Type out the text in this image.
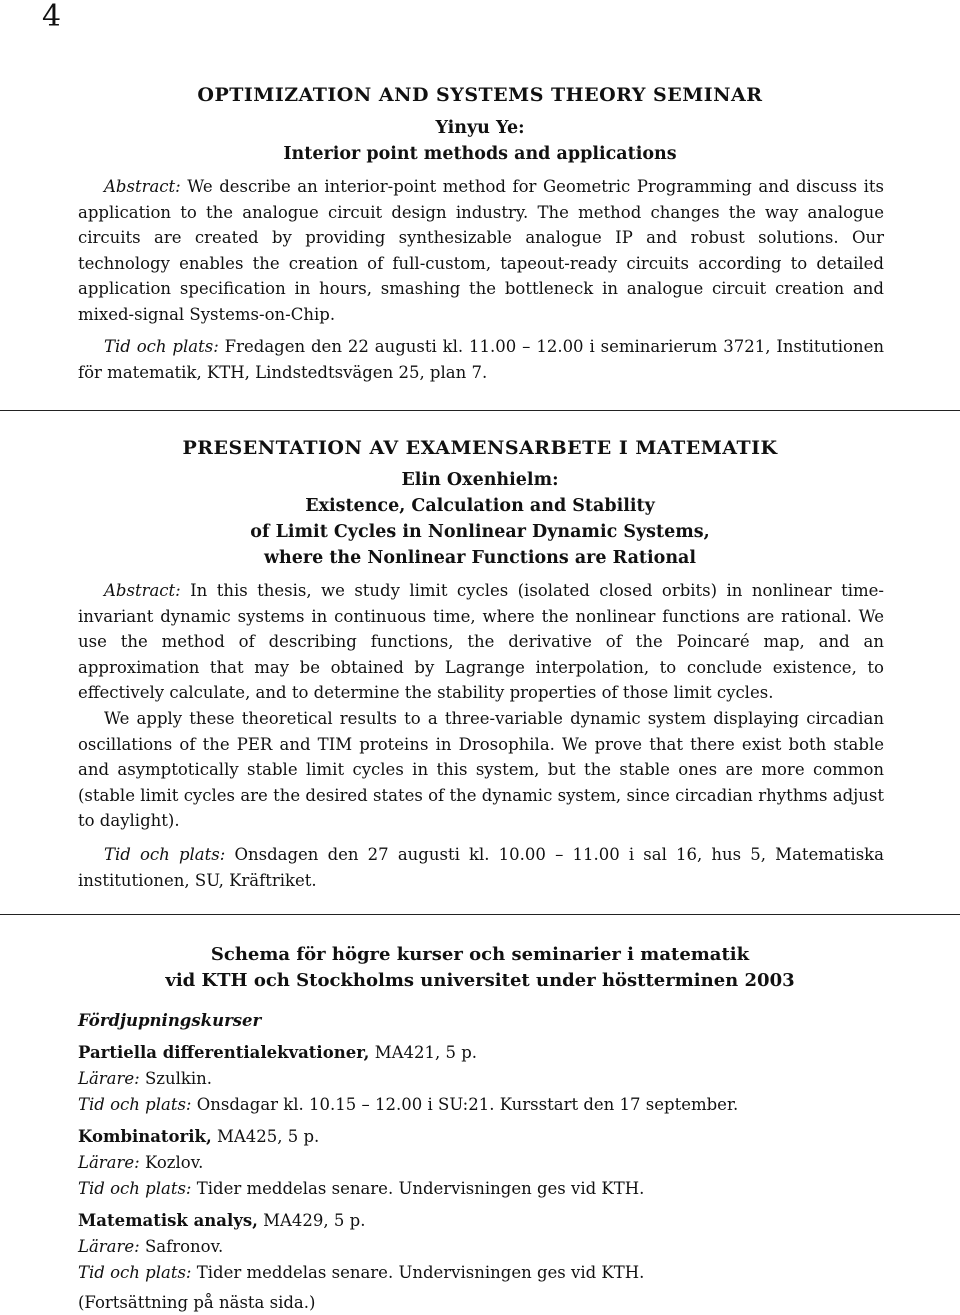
4
OPTIMIZATION AND SYSTEMS THEORY SEMINAR
Yinyu Ye:
Interior point methods and applications

Abstract: We describe an interior-point method for Geometric Programming and discuss its application to the analogue circuit design industry. The method changes the way analogue circuits are created by providing synthesizable analogue IP and robust solutions. Our technology enables the creation of full-custom, tapeout-ready circuits according to detailed application specification in hours, smashing the bottleneck in analogue circuit creation and mixed-signal Systems-on-Chip.

Tid och plats: Fredagen den 22 augusti kl. 11.00 – 12.00 i seminarierum 3721, Institutionen för matematik, KTH, Lindstedtsvägen 25, plan 7.

PRESENTATION AV EXAMENSARBETE I MATEMATIK
Elin Oxenhielm:
Existence, Calculation and Stability
of Limit Cycles in Nonlinear Dynamic Systems,
where the Nonlinear Functions are Rational

Abstract: In this thesis, we study limit cycles (isolated closed orbits) in nonlinear time-invariant dynamic systems in continuous time, where the nonlinear functions are rational. We use the method of describing functions, the derivative of the Poincaré map, and an approximation that may be obtained by Lagrange interpolation, to conclude existence, to effectively calculate, and to determine the stability properties of those limit cycles.

We apply these theoretical results to a three-variable dynamic system displaying circadian oscillations of the PER and TIM proteins in Drosophila. We prove that there exist both stable and asymptotically stable limit cycles in this system, but the stable ones are more common (stable limit cycles are the desired states of the dynamic system, since circadian rhythms adjust to daylight).

Tid och plats: Onsdagen den 27 augusti kl. 10.00 – 11.00 i sal 16, hus 5, Matematiska institutionen, SU, Kräftriket.

Schema för högre kurser och seminarier i matematik
vid KTH och Stockholms universitet under höstterminen 2003
Fördjupningskurser
Partiella differentialekvationer, MA421, 5 p.
Lärare: Szulkin.
Tid och plats: Onsdagar kl. 10.15 – 12.00 i SU:21. Kursstart den 17 september.
Kombinatorik, MA425, 5 p.
Lärare: Kozlov.
Tid och plats: Tider meddelas senare. Undervisningen ges vid KTH.
Matematisk analys, MA429, 5 p.
Lärare: Safronov.
Tid och plats: Tider meddelas senare. Undervisningen ges vid KTH.
(Fortsättning på nästa sida.)
